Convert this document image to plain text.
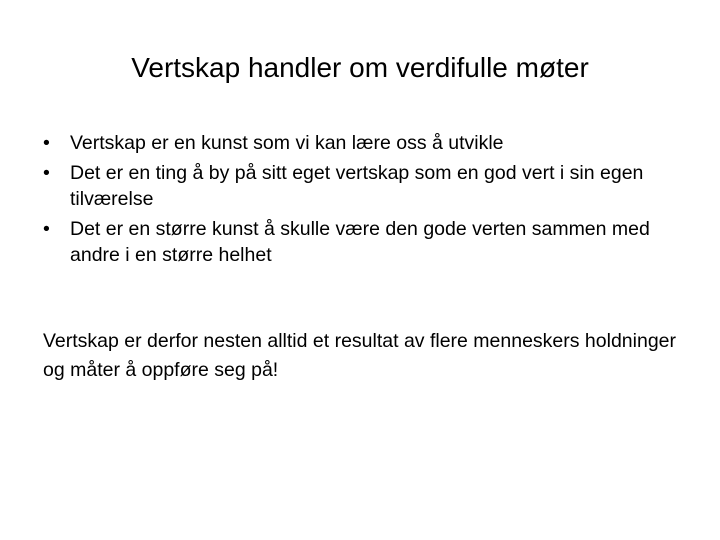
Vertskap handler om verdifulle møter
• Vertskap er en kunst som vi kan lære oss å utvikle
• Det er en ting å by på sitt eget vertskap som en god vert i sin egen tilværelse
• Det er en større kunst å skulle være den gode verten sammen med andre i en større helhet

Vertskap er derfor nesten alltid et resultat av flere menneskers holdninger og måter å oppføre seg på!
